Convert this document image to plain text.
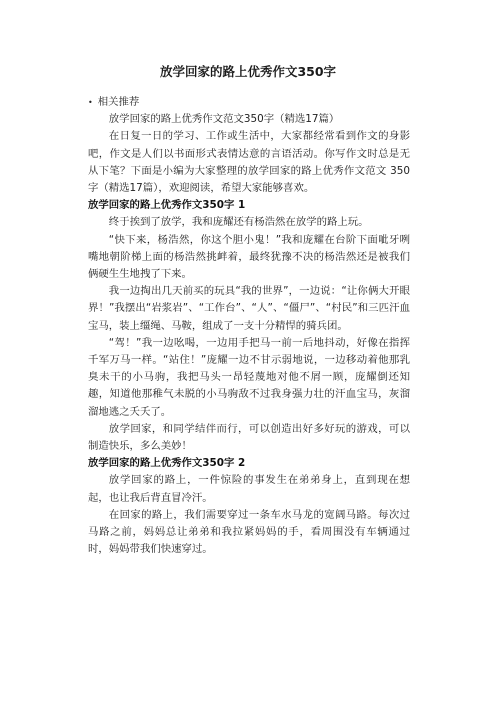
放学回家的路上优秀作文350字
• 相关推荐

放学回家的路上优秀作文范文350字（精选17篇）

在日复一日的学习、工作或生活中，大家都经常看到作文的身影吧，作文是人们以书面形式表情达意的言语活动。你写作文时总是无从下笔？下面是小编为大家整理的放学回家的路上优秀作文范文 350字（精选17篇），欢迎阅读，希望大家能够喜欢。

放学回家的路上优秀作文350字 1

终于挨到了放学，我和庞耀还有杨浩然在放学的路上玩。

“快下来，杨浩然，你这个胆小鬼！”我和庞耀在台阶下面呲牙咧嘴地朝阶梯上面的杨浩然挑衅着，最终犹豫不决的杨浩然还是被我们俩硬生生地拽了下来。

我一边掏出几天前买的玩具“我的世界”，一边说：“让你俩大开眼界！”我摆出“岩浆岩”、“工作台”、“人”、“僵尸”、“村民”和三匹汗血宝马，装上缰绳、马鞍，组成了一支十分精悍的骑兵团。

“驾！”我一边吆喝，一边用手把马一前一后地抖动，好像在指挥千军万马一样。“站住！”庞耀一边不甘示弱地说，一边移动着他那乳臭未干的小马驹，我把马头一昂轻蔑地对他不屑一顾，庞耀倒还知趣，知道他那稚气未脱的小马驹敌不过我身强力壮的汗血宝马，灰溜溜地逃之夭夭了。

放学回家，和同学结伴而行，可以创造出好多好玩的游戏，可以制造快乐，多么美妙！

放学回家的路上优秀作文350字 2

放学回家的路上，一件惊险的事发生在弟弟身上，直到现在想起，也让我后背直冒冷汗。

在回家的路上，我们需要穿过一条车水马龙的宽阔马路。每次过马路之前，妈妈总让弟弟和我拉紧妈妈的手，看周围没有车辆通过时，妈妈带我们快速穿过。
